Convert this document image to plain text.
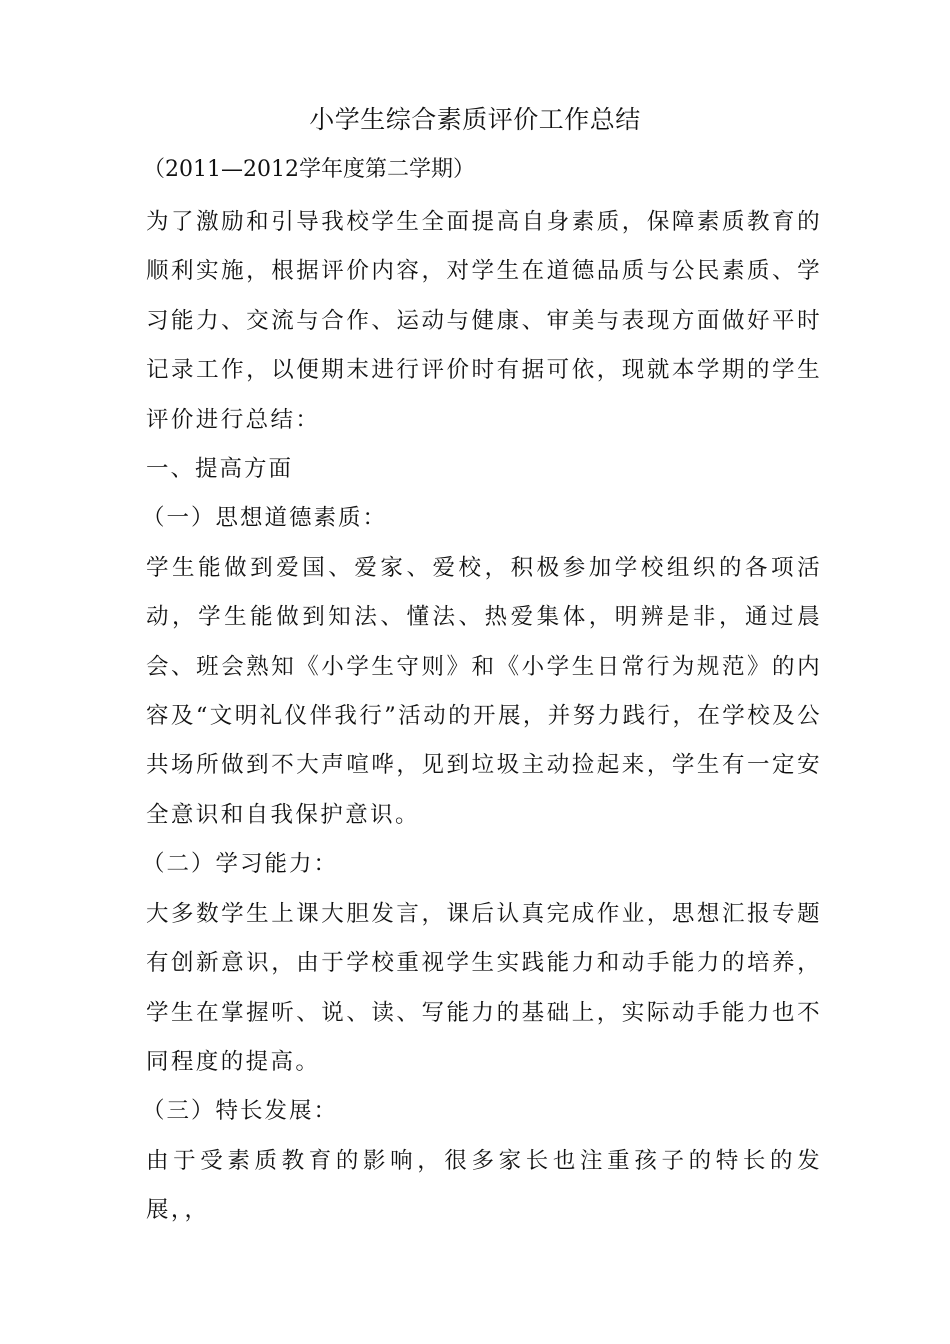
小学生综合素质评价工作总结
（2011—2012学年度第二学期）

为了激励和引导我校学生全面提高自身素质，保障素质教育的顺利实施，根据评价内容，对学生在道德品质与公民素质、学习能力、交流与合作、运动与健康、审美与表现方面做好平时记录工作，以便期末进行评价时有据可依，现就本学期的学生评价进行总结：

一、提高方面

（一）思想道德素质：

学生能做到爱国、爱家、爱校，积极参加学校组织的各项活动，学生能做到知法、懂法、热爱集体，明辨是非，通过晨会、班会熟知《小学生守则》和《小学生日常行为规范》的内容及“文明礼仪伴我行”活动的开展，并努力践行，在学校及公共场所做到不大声喧哗，见到垃圾主动捡起来，学生有一定安全意识和自我保护意识。

（二）学习能力：

大多数学生上课大胆发言，课后认真完成作业，思想汇报专题有创新意识，由于学校重视学生实践能力和动手能力的培养，学生在掌握听、说、读、写能力的基础上，实际动手能力也不同程度的提高。

（三）特长发展：

由于受素质教育的影响，很多家长也注重孩子的特长的发展，，
